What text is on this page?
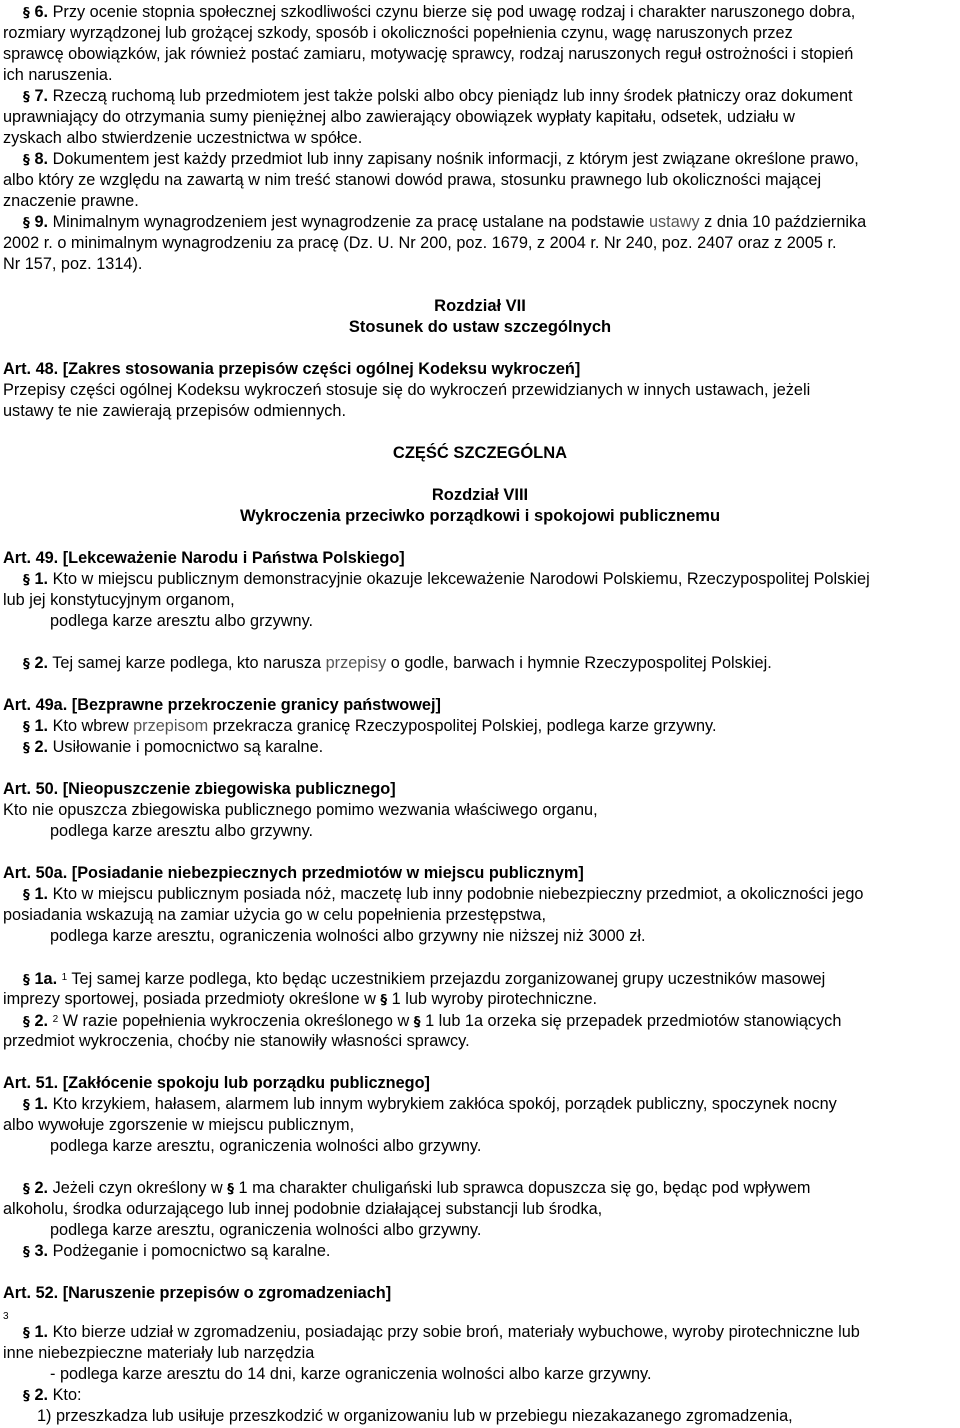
§ 6. Przy ocenie stopnia społecznej szkodliwości czynu bierze się pod uwagę rodzaj i charakter naruszonego dobra,
rozmiary wyrządzonej lub grożącej szkody, sposób i okoliczności popełnienia czynu, wagę naruszonych przez
sprawcę obowiązków, jak również postać zamiaru, motywację sprawcy, rodzaj naruszonych reguł ostrożności i stopień
ich naruszenia.
§ 7. Rzeczą ruchomą lub przedmiotem jest także polski albo obcy pieniądz lub inny środek płatniczy oraz dokument
uprawniający do otrzymania sumy pieniężnej albo zawierający obowiązek wypłaty kapitału, odsetek, udziału w
zyskach albo stwierdzenie uczestnictwa w spółce.
§ 8. Dokumentem jest każdy przedmiot lub inny zapisany nośnik informacji, z którym jest związane określone prawo,
albo który ze względu na zawartą w nim treść stanowi dowód prawa, stosunku prawnego lub okoliczności mającej
znaczenie prawne.
§ 9. Minimalnym wynagrodzeniem jest wynagrodzenie za pracę ustalane na podstawie ustawy z dnia 10 października
2002 r. o minimalnym wynagrodzeniu za pracę (Dz. U. Nr 200, poz. 1679, z 2004 r. Nr 240, poz. 2407 oraz z 2005 r.
Nr 157, poz. 1314).
Rozdział VII
Stosunek do ustaw szczególnych
Art. 48. [Zakres stosowania przepisów części ogólnej Kodeksu wykroczeń]
Przepisy części ogólnej Kodeksu wykroczeń stosuje się do wykroczeń przewidzianych w innych ustawach, jeżeli
ustawy te nie zawierają przepisów odmiennych.
CZĘŚĆ SZCZEGÓLNA
Rozdział VIII
Wykroczenia przeciwko porządkowi i spokojowi publicznemu
Art. 49. [Lekceważenie Narodu i Państwa Polskiego]
§ 1. Kto w miejscu publicznym demonstracyjnie okazuje lekceważenie Narodowi Polskiemu, Rzeczypospolitej Polskiej
lub jej konstytucyjnym organom,
podlega karze aresztu albo grzywny.
§ 2. Tej samej karze podlega, kto narusza przepisy o godle, barwach i hymnie Rzeczypospolitej Polskiej.
Art. 49a. [Bezprawne przekroczenie granicy państwowej]
§ 1. Kto wbrew przepisom przekracza granicę Rzeczypospolitej Polskiej, podlega karze grzywny.
§ 2. Usiłowanie i pomocnictwo są karalne.
Art. 50. [Nieopuszczenie zbiegowiska publicznego]
Kto nie opuszcza zbiegowiska publicznego pomimo wezwania właściwego organu,
podlega karze aresztu albo grzywny.
Art. 50a. [Posiadanie niebezpiecznych przedmiotów w miejscu publicznym]
§ 1. Kto w miejscu publicznym posiada nóż, maczetę lub inny podobnie niebezpieczny przedmiot, a okoliczności jego
posiadania wskazują na zamiar użycia go w celu popełnienia przestępstwa,
podlega karze aresztu, ograniczenia wolności albo grzywny nie niższej niż 3000 zł.
§ 1a. $^1$ Tej samej karze podlega, kto będąc uczestnikiem przejazdu zorganizowanej grupy uczestników masowej
imprezy sportowej, posiada przedmioty określone w § 1 lub wyroby pirotechniczne.
§ 2. $^2$ W razie popełnienia wykroczenia określonego w § 1 lub 1a orzeka się przepadek przedmiotów stanowiących
przedmiot wykroczenia, choćby nie stanowiły własności sprawcy.
Art. 51. [Zakłócenie spokoju lub porządku publicznego]
§ 1. Kto krzykiem, hałasem, alarmem lub innym wybrykiem zakłóca spokój, porządek publiczny, spoczynek nocny
albo wywołuje zgorszenie w miejscu publicznym,
podlega karze aresztu, ograniczenia wolności albo grzywny.
§ 2. Jeżeli czyn określony w § 1 ma charakter chuligański lub sprawca dopuszcza się go, będąc pod wpływem
alkoholu, środka odurzającego lub innej podobnie działającej substancji lub środka,
podlega karze aresztu, ograniczenia wolności albo grzywny.
§ 3. Podżeganie i pomocnictwo są karalne.
Art. 52. [Naruszenie przepisów o zgromadzeniach]
3
§ 1. Kto bierze udział w zgromadzeniu, posiadając przy sobie broń, materiały wybuchowe, wyroby pirotechniczne lub
inne niebezpieczne materiały lub narzędzia
- podlega karze aresztu do 14 dni, karze ograniczenia wolności albo karze grzywny.
§ 2. Kto:
1) przeszkadza lub usiłuje przeszkodzić w organizowaniu lub w przebiegu niezakazanego zgromadzenia,
